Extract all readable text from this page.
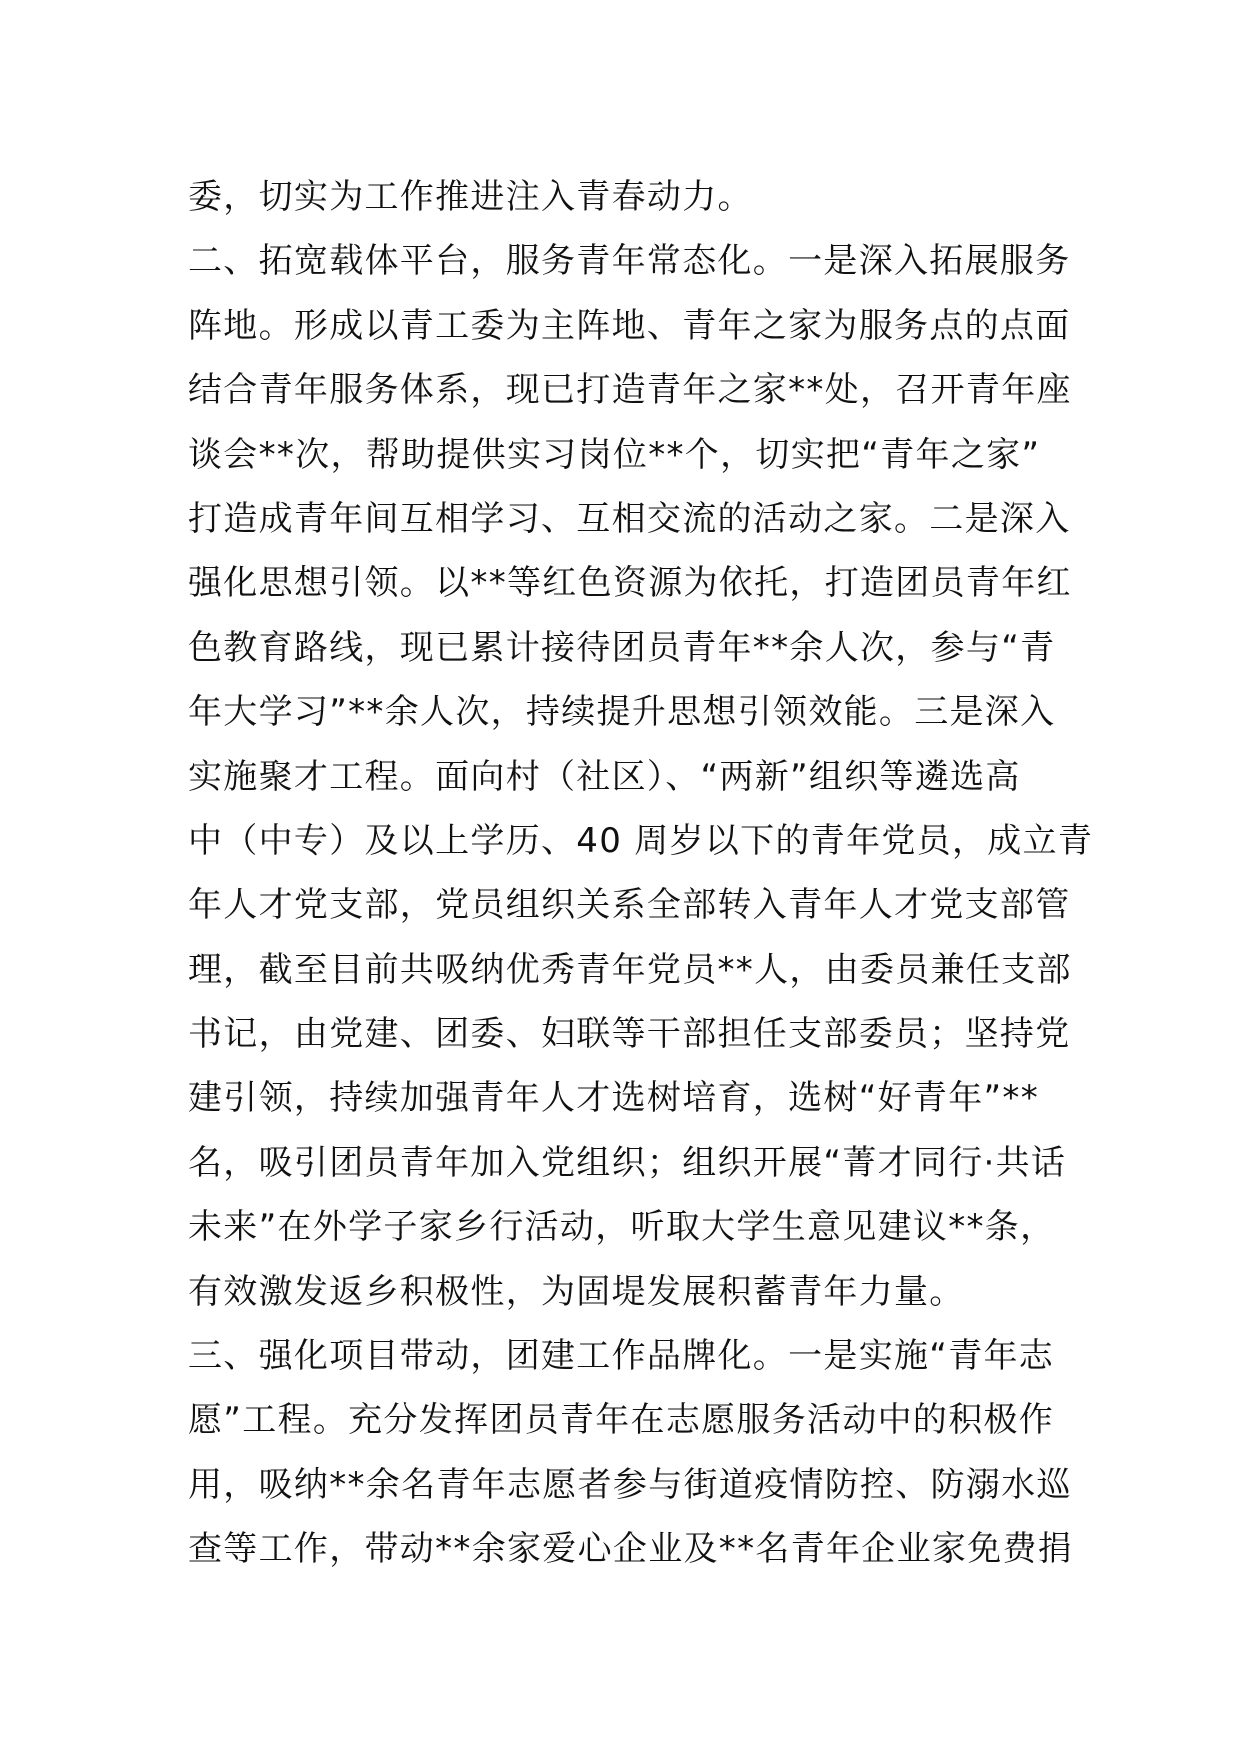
委，切实为工作推进注入青春动力。
二、拓宽载体平台，服务青年常态化。一是深入拓展服务
阵地。形成以青工委为主阵地、青年之家为服务点的点面
结合青年服务体系，现已打造青年之家**处，召开青年座
谈会**次，帮助提供实习岗位**个，切实把“青年之家”
打造成青年间互相学习、互相交流的活动之家。二是深入
强化思想引领。以**等红色资源为依托，打造团员青年红
色教育路线，现已累计接待团员青年**余人次，参与“青
年大学习”**余人次，持续提升思想引领效能。三是深入
实施聚才工程。面向村（社区）、“两新”组织等遴选高
中（中专）及以上学历、40 周岁以下的青年党员，成立青
年人才党支部，党员组织关系全部转入青年人才党支部管
理，截至目前共吸纳优秀青年党员**人，由委员兼任支部
书记，由党建、团委、妇联等干部担任支部委员；坚持党
建引领，持续加强青年人才选树培育，选树“好青年”**
名，吸引团员青年加入党组织；组织开展“菁才同行·共话
未来”在外学子家乡行活动，听取大学生意见建议**条，
有效激发返乡积极性，为固堤发展积蓄青年力量。
三、强化项目带动，团建工作品牌化。一是实施“青年志
愿”工程。充分发挥团员青年在志愿服务活动中的积极作
用，吸纳**余名青年志愿者参与街道疫情防控、防溺水巡
查等工作，带动**余家爱心企业及**名青年企业家免费捐
